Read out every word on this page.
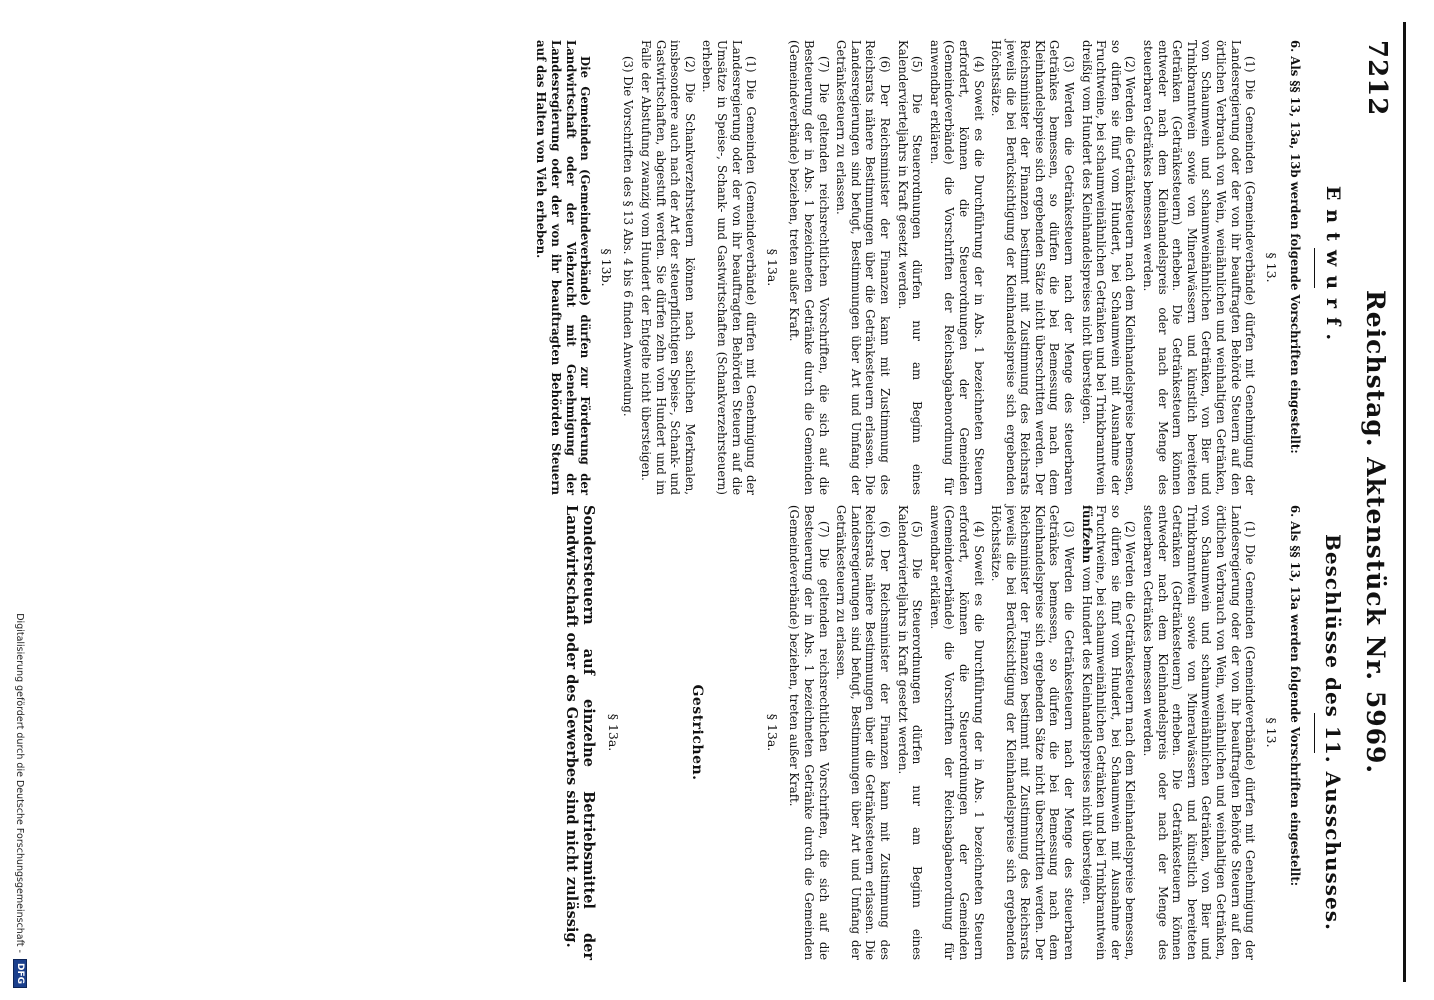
7212
Reichstag. Aktenstück Nr. 5969.
Entwurf.

6. Als §§ 13, 13a, 13b werden folgende Vorschriften eingestellt:

§ 13.

(1) Die Gemeinden (Gemeindeverbände) dürfen mit Genehmigung der Landesregierung oder der von ihr beauftragten Behörde Steuern auf den örtlichen Verbrauch von Wein, weinähnlichen und weinhaltigen Getränken, von Schaumwein und schaumweinähnlichen Getränken, von Bier und Trinkbranntwein sowie von Mineralwässern und künstlich bereiteten Getränken (Getränkesteuern) erheben. Die Getränkesteuern können entweder nach dem Kleinhandelspreis oder nach der Menge des steuerbaren Getränkes bemessen werden.

(2) Werden die Getränkesteuern nach dem Kleinhandelspreise bemessen, so dürfen sie fünf vom Hundert, bei Schaumwein mit Ausnahme der Fruchtweine, bei schaumweinähnlichen Getränken und bei Trinkbranntwein dreißig vom Hundert des Kleinhandelspreises nicht übersteigen.

(3) Werden die Getränkesteuern nach der Menge des steuerbaren Getränkes bemessen, so dürfen die bei Bemessung nach dem Kleinhandelspreise sich ergebenden Sätze nicht überschritten werden. Der Reichsminister der Finanzen bestimmt mit Zustimmung des Reichsrats jeweils die bei Berücksichtigung der Kleinhandelspreise sich ergebenden Höchstsätze.

(4) Soweit es die Durchführung der in Abs. 1 bezeichneten Steuern erfordert, können die Steuerordnungen der Gemeinden (Gemeindeverbände) die Vorschriften der Reichsabgabenordnung für anwendbar erklären.

(5) Die Steuerordnungen dürfen nur am Beginn eines Kalendervierteljahrs in Kraft gesetzt werden.

(6) Der Reichsminister der Finanzen kann mit Zustimmung des Reichsrats nähere Bestimmungen über die Getränkesteuern erlassen. Die Landesregierungen sind befugt, Bestimmungen über Art und Umfang der Getränkesteuern zu erlassen.

(7) Die geltenden reichsrechtlichen Vorschriften, die sich auf die Besteuerung der in Abs. 1 bezeichneten Getränke durch die Gemeinden (Gemeindeverbände) beziehen, treten außer Kraft.

§ 13a.

(1) Die Gemeinden (Gemeindeverbände) dürfen mit Genehmigung der Landesregierung oder der von ihr beauftragten Behörden Steuern auf die Umsätze in Speise-, Schank- und Gastwirtschaften (Schankverzehrsteuern) erheben.

(2) Die Schankverzehrsteuern können nach sachlichen Merkmalen, insbesondere auch nach der Art der steuerpflichtigen Speise-, Schank- und Gastwirtschaften, abgestuft werden. Sie dürfen zehn vom Hundert und im Falle der Abstufung zwanzig vom Hundert der Entgelte nicht übersteigen.

(3) Die Vorschriften des § 13 Abs. 4 bis 6 finden Anwendung.

§ 13b.

Die Gemeinden (Gemeindeverbände) dürfen zur Förderung der Landwirtschaft oder der Viehzucht mit Genehmigung der Landesregierung oder der von ihr beauftragten Behörden Steuern auf das Halten von Vieh erheben.

Beschlüsse des 11. Ausschusses.

6. Als §§ 13, 13a werden folgende Vorschriften eingestellt:

§ 13.

(1) Die Gemeinden (Gemeindeverbände) dürfen mit Genehmigung der Landesregierung oder der von ihr beauftragten Behörde Steuern auf den örtlichen Verbrauch von Wein, weinähnlichen und weinhaltigen Getränken, von Schaumwein und schaumweinähnlichen Getränken, von Bier und Trinkbranntwein sowie von Mineralwässern und künstlich bereiteten Getränken (Getränkesteuern) erheben. Die Getränkesteuern können entweder nach dem Kleinhandelspreis oder nach der Menge des steuerbaren Getränkes bemessen werden.

(2) Werden die Getränkesteuern nach dem Kleinhandelspreise bemessen, so dürfen sie fünf vom Hundert, bei Schaumwein mit Ausnahme der Fruchtweine, bei schaumweinähnlichen Getränken und bei Trinkbranntwein fünfzehn vom Hundert des Kleinhandelspreises nicht übersteigen.

(3) Werden die Getränkesteuern nach der Menge des steuerbaren Getränkes bemessen, so dürfen die bei Bemessung nach dem Kleinhandelspreise sich ergebenden Sätze nicht überschritten werden. Der Reichsminister der Finanzen bestimmt mit Zustimmung des Reichsrats jeweils die bei Berücksichtigung der Kleinhandelspreise sich ergebenden Höchstsätze.

(4) Soweit es die Durchführung der in Abs. 1 bezeichneten Steuern erfordert, können die Steuerordnungen der Gemeinden (Gemeindeverbände) die Vorschriften der Reichsabgabenordnung für anwendbar erklären.

(5) Die Steuerordnungen dürfen nur am Beginn eines Kalendervierteljahrs in Kraft gesetzt werden.

(6) Der Reichsminister der Finanzen kann mit Zustimmung des Reichsrats nähere Bestimmungen über die Getränkesteuern erlassen. Die Landesregierungen sind befugt, Bestimmungen über Art und Umfang der Getränkesteuern zu erlassen.

(7) Die geltenden reichsrechtlichen Vorschriften, die sich auf die Besteuerung der in Abs. 1 bezeichneten Getränke durch die Gemeinden (Gemeindeverbände) beziehen, treten außer Kraft.

§ 13a.
Gestrichen.
§ 13a.

Sondersteuern auf einzelne Betriebsmittel der Landwirtschaft oder des Gewerbes sind nicht zulässig.

Digitalisierung gefördert durch die Deutsche Forschungsgemeinschaft -
DFG
